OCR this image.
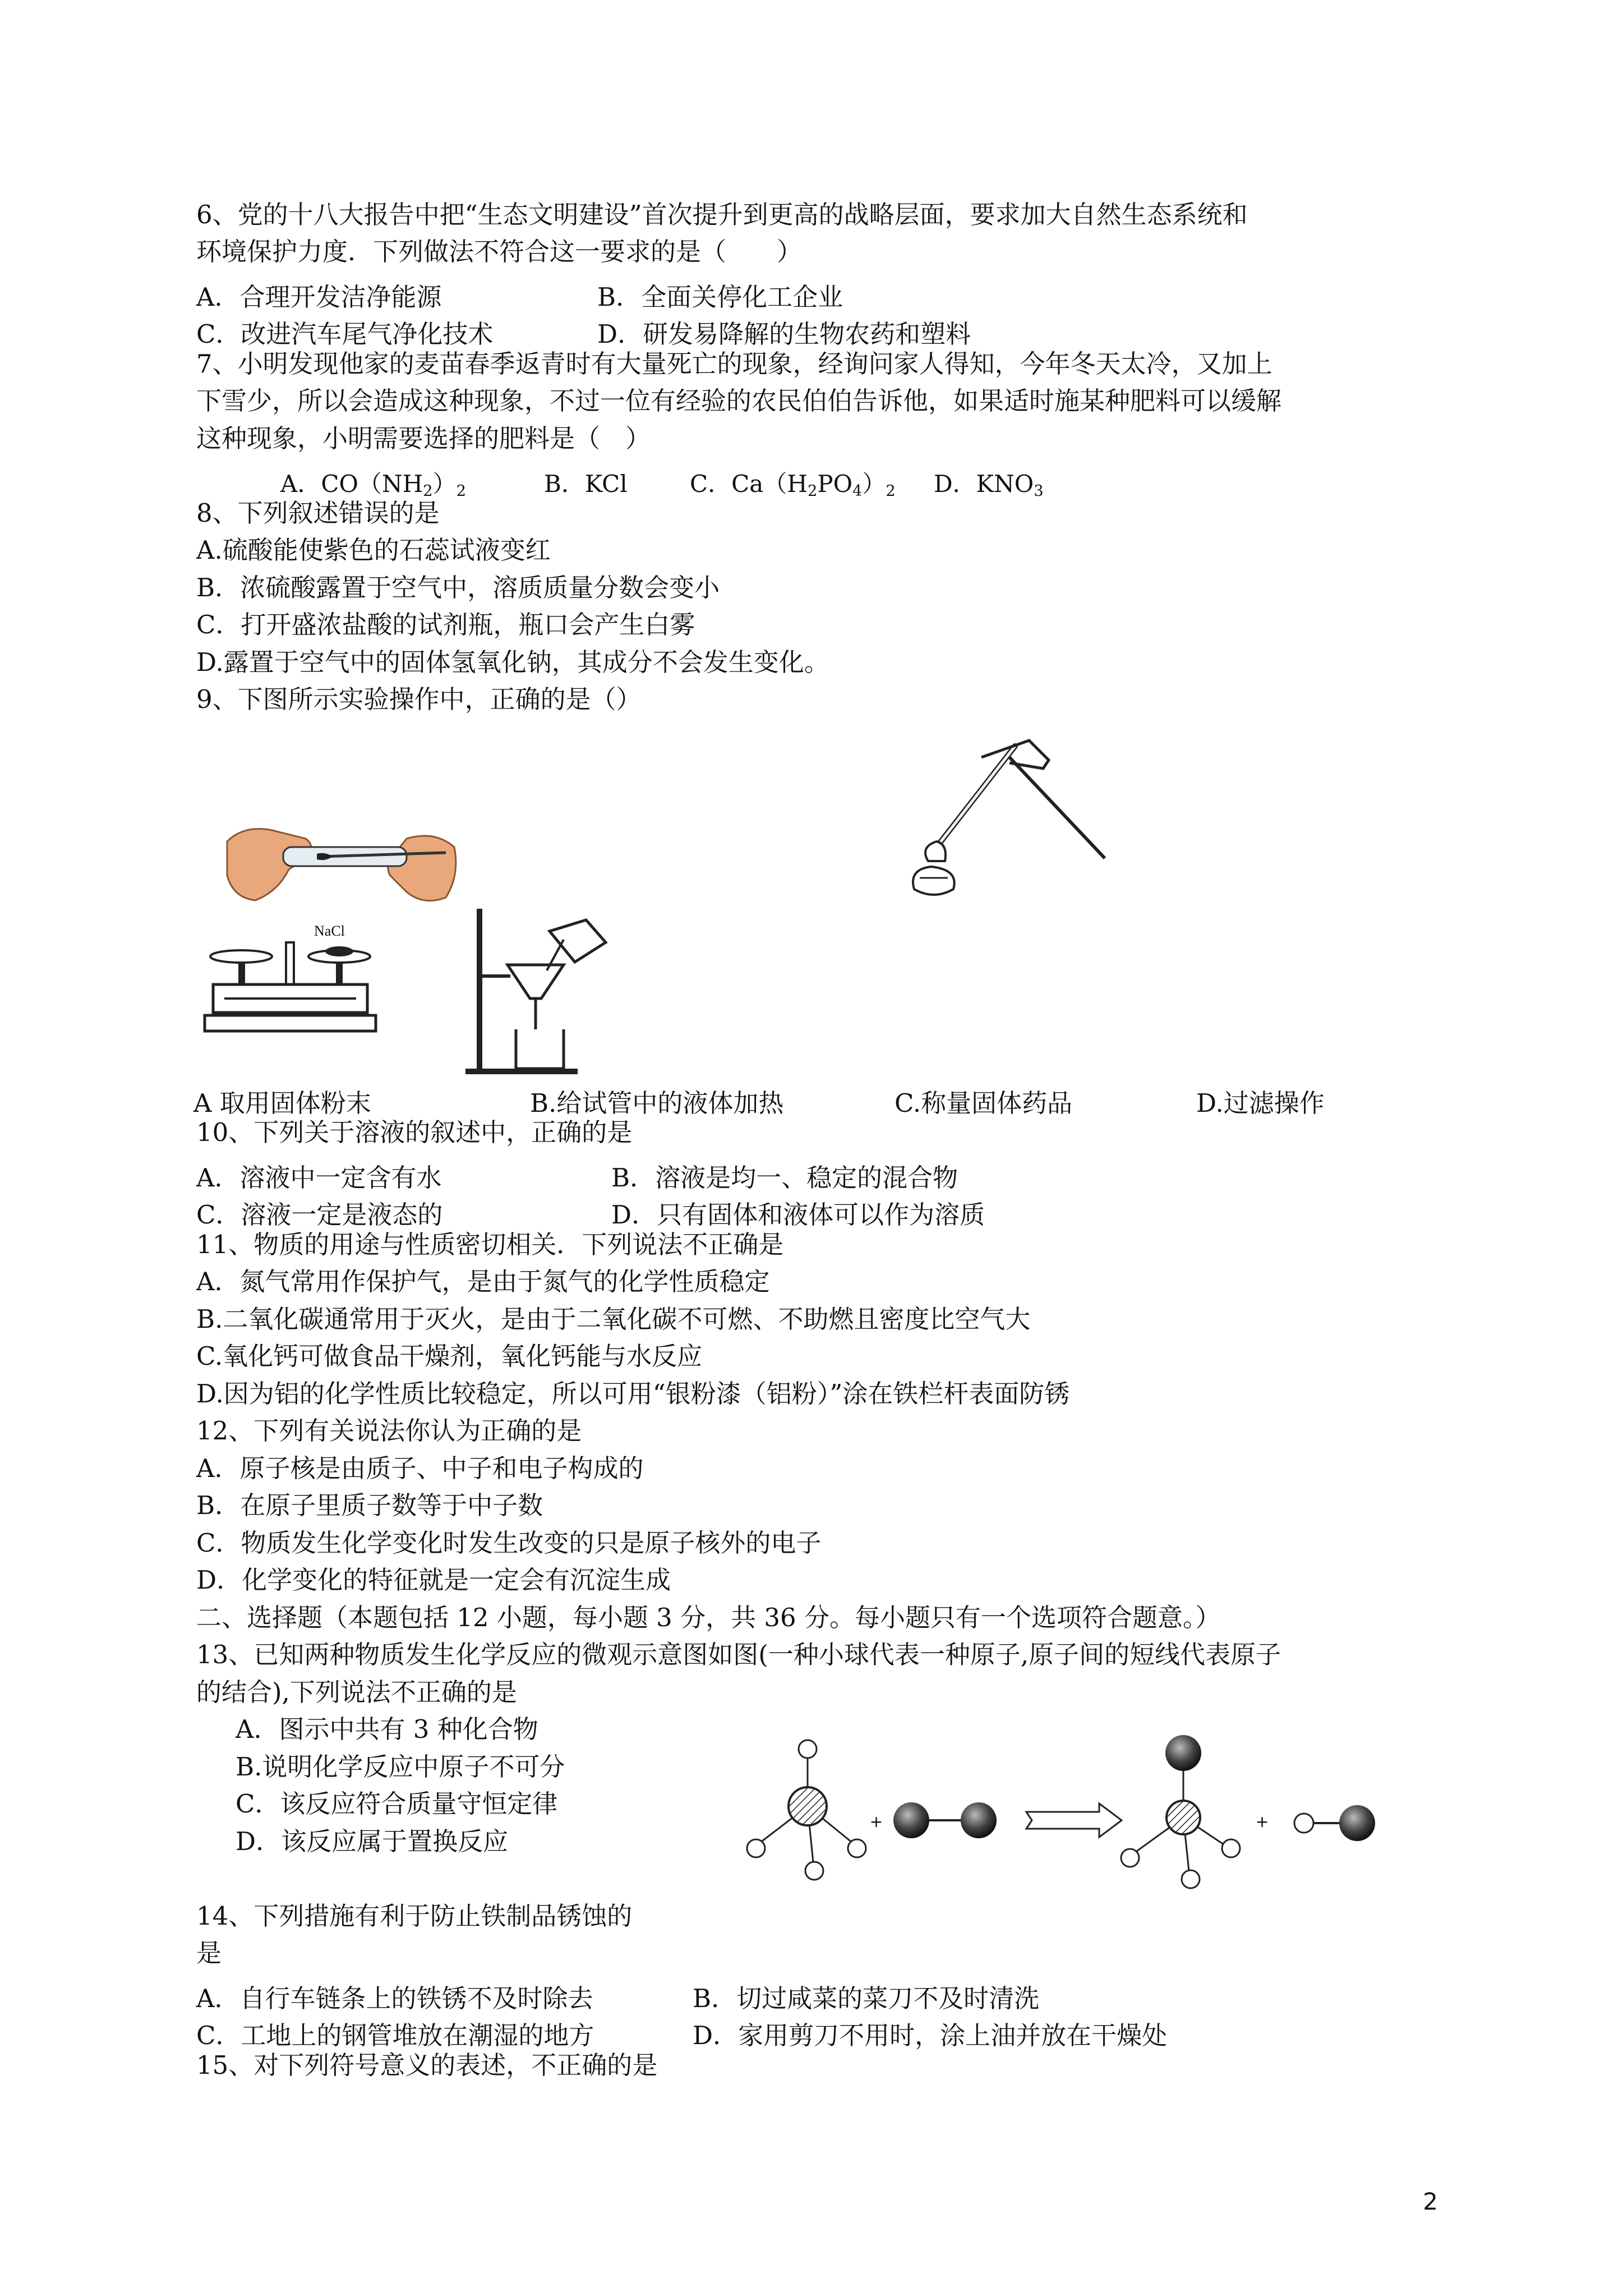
6、党的十八大报告中把“生态文明建设”首次提升到更高的战略层面，要求加大自然生态系统和
环境保护力度．下列做法不符合这一要求的是（　　）
A．合理开发洁净能源	B．全面关停化工企业
C．改进汽车尾气净化技术	D．研发易降解的生物农药和塑料
7、小明发现他家的麦苗春季返青时有大量死亡的现象，经询问家人得知，今年冬天太冷，又加上
下雪少，所以会造成这种现象，不过一位有经验的农民伯伯告诉他，如果适时施某种肥料可以缓解
这种现象，小明需要选择的肥料是（　）
A．$CO(NH_2)_2$	B．KCl	C．$Ca(H_2PO_4)_2$ D．$KNO_3$
8、下列叙述错误的是
A.硫酸能使紫色的石蕊试液变红
B．浓硫酸露置于空气中，溶质质量分数会变小
C．打开盛浓盐酸的试剂瓶，瓶口会产生白雾
D.露置于空气中的固体氢氧化钠，其成分不会发生变化。
9、下图所示实验操作中，正确的是（）
NaCl
A 取用固体粉末	B.给试管中的液体加热	C.称量固体药品	D.过滤操作
10、下列关于溶液的叙述中，正确的是
A．溶液中一定含有水	B．溶液是均一、稳定的混合物
C．溶液一定是液态的	D．只有固体和液体可以作为溶质
11、物质的用途与性质密切相关．下列说法不正确是
A．氮气常用作保护气，是由于氮气的化学性质稳定
B.二氧化碳通常用于灭火，是由于二氧化碳不可燃、不助燃且密度比空气大
C.氧化钙可做食品干燥剂，氧化钙能与水反应
D.因为铝的化学性质比较稳定，所以可用“银粉漆（铝粉）”涂在铁栏杆表面防锈
12、下列有关说法你认为正确的是
A．原子核是由质子、中子和电子构成的
B．在原子里质子数等于中子数
C．物质发生化学变化时发生改变的只是原子核外的电子
D．化学变化的特征就是一定会有沉淀生成
二、选择题（本题包括 12 小题，每小题 3 分，共 36 分。每小题只有一个选项符合题意。）
13、已知两种物质发生化学反应的微观示意图如图(一种小球代表一种原子,原子间的短线代表原子
的结合),下列说法不正确的是
A．图示中共有 3 种化合物
B.说明化学反应中原子不可分
C．该反应符合质量守恒定律
D．该反应属于置换反应
+	+
14、下列措施有利于防止铁制品锈蚀的
是
A．自行车链条上的铁锈不及时除去	B．切过咸菜的菜刀不及时清洗
C．工地上的钢管堆放在潮湿的地方	D．家用剪刀不用时，涂上油并放在干燥处
15、对下列符号意义的表述，不正确的是
2
